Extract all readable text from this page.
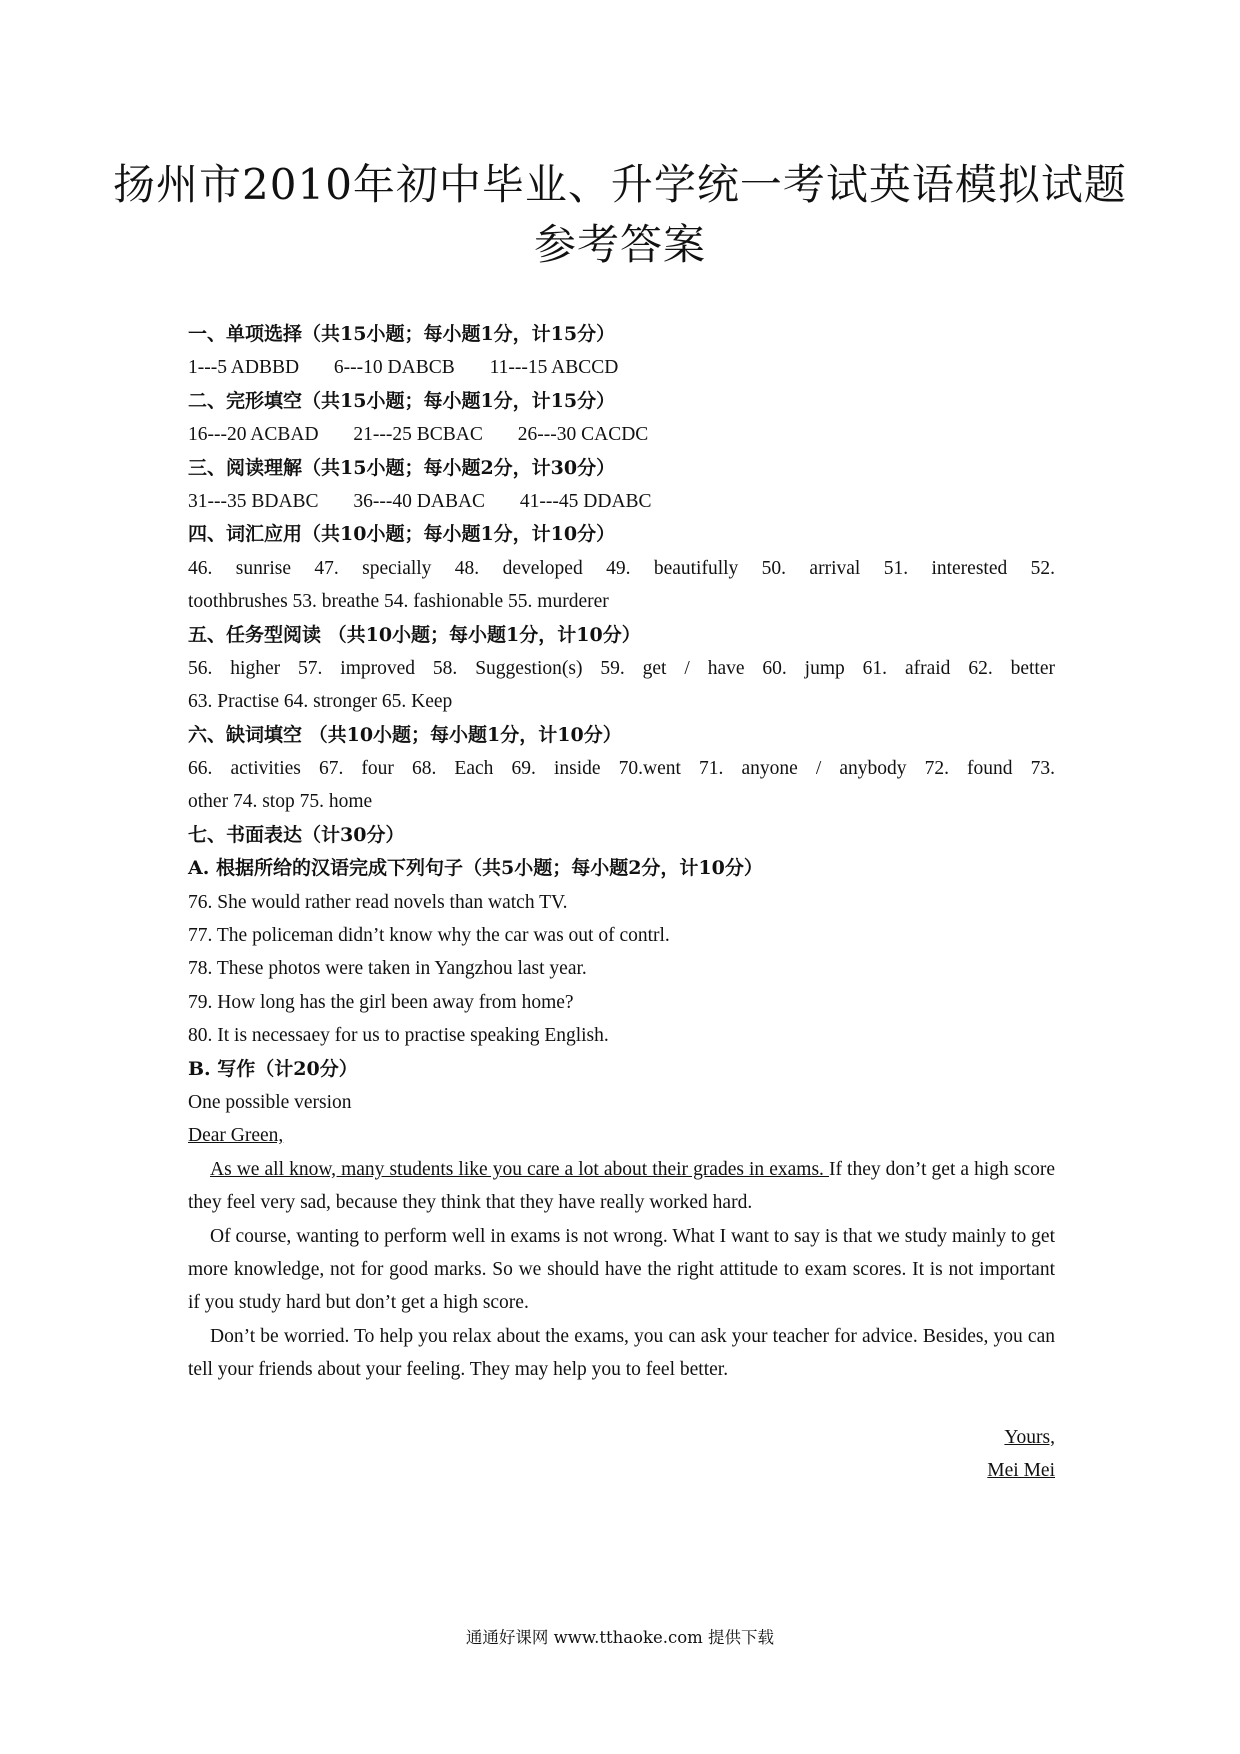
扬州市2010年初中毕业、升学统一考试英语模拟试题
参考答案
一、单项选择（共15小题；每小题1分，计15分）
1---5 ADBBD 6---10 DABCB 11---15 ABCCD
二、完形填空（共15小题；每小题1分，计15分）
16---20 ACBAD 21---25 BCBAC 26---30 CACDC
三、阅读理解（共15小题；每小题2分，计30分）
31---35 BDABC 36---40 DABAC 41---45 DDABC
四、词汇应用（共10小题；每小题1分，计10分）
46. sunrise 47. specially 48. developed 49. beautifully 50. arrival 51. interested 52.
toothbrushes 53. breathe 54. fashionable 55. murderer
五、任务型阅读 （共10小题；每小题1分，计10分）
56. higher 57. improved 58. Suggestion(s) 59. get / have 60. jump 61. afraid 62. better
63. Practise 64. stronger 65. Keep
六、缺词填空 （共10小题；每小题1分，计10分）
66. activities 67. four 68. Each 69. inside 70.went 71. anyone / anybody 72. found 73.
other 74. stop 75. home
七、书面表达（计30分）
A. 根据所给的汉语完成下列句子（共5小题；每小题2分，计10分）
76. She would rather read novels than watch TV.
77. The policeman didn’t know why the car was out of contrl.
78. These photos were taken in Yangzhou last year.
79. How long has the girl been away from home?
80. It is necessaey for us to practise speaking English.
B. 写作（计20分）
One possible version
Dear Green,
As we all know, many students like you care a lot about their grades in exams. If they don’t get a high score they feel very sad, because they think that they have really worked hard.
Of course, wanting to perform well in exams is not wrong. What I want to say is that we study mainly to get more knowledge, not for good marks. So we should have the right attitude to exam scores. It is not important if you study hard but don’t get a high score.
Don’t be worried. To help you relax about the exams, you can ask your teacher for advice. Besides, you can tell your friends about your feeling. They may help you to feel better.
Yours,
Mei Mei
通通好课网 www.tthaoke.com 提供下载
